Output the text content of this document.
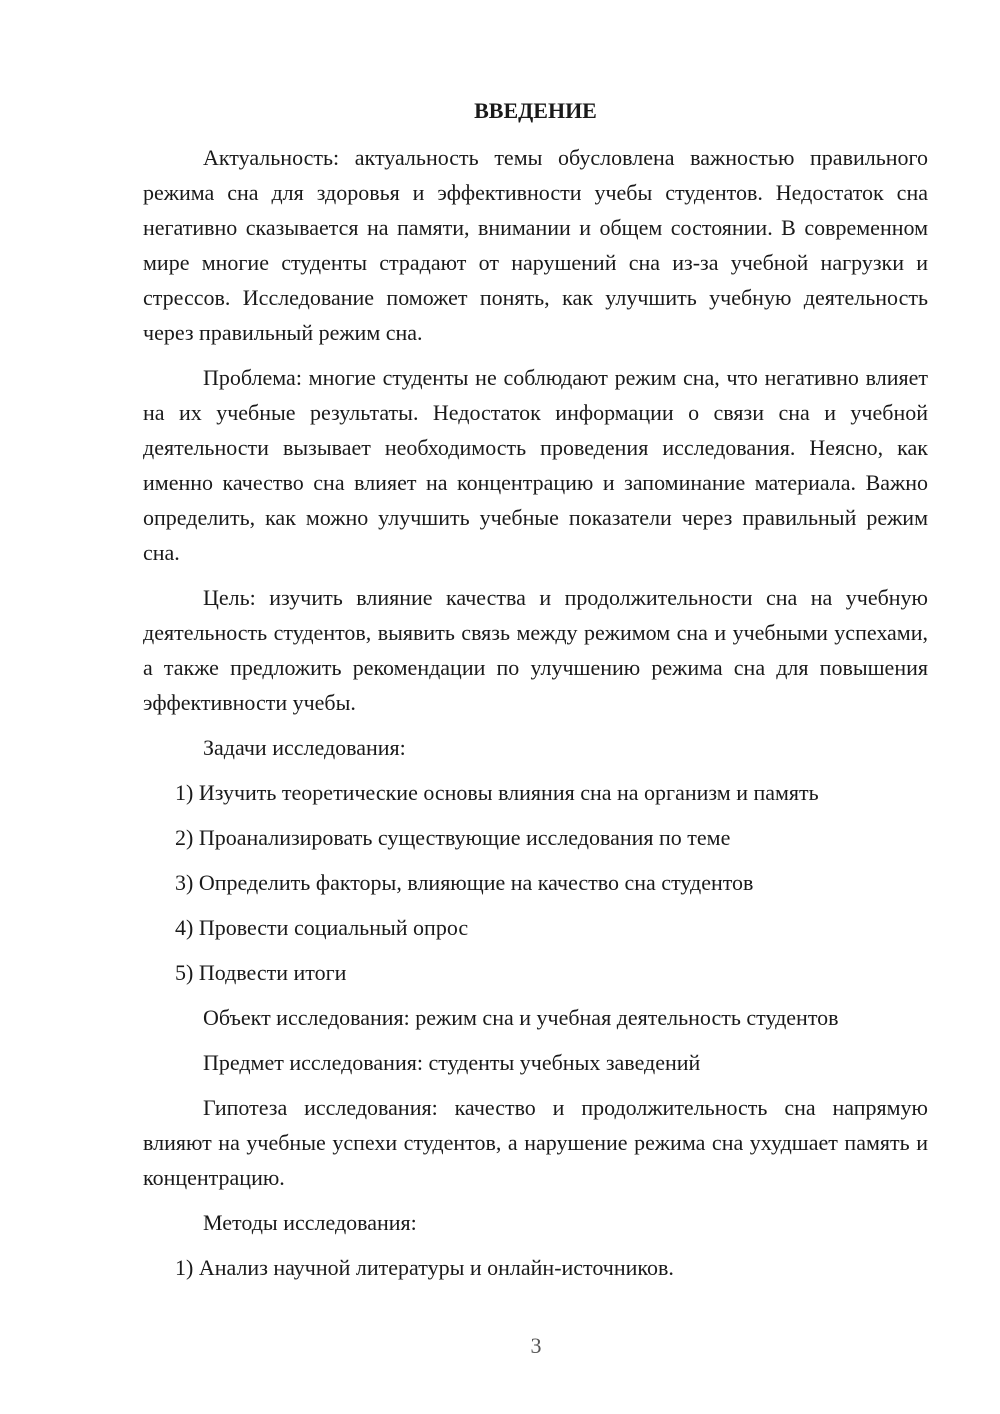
ВВЕДЕНИЕ

Актуальность: актуальность темы обусловлена важностью правильного режима сна для здоровья и эффективности учебы студентов. Недостаток сна негативно сказывается на памяти, внимании и общем состоянии. В современном мире многие студенты страдают от нарушений сна из-за учебной нагрузки и стрессов. Исследование поможет понять, как улучшить учебную деятельность через правильный режим сна.

Проблема: многие студенты не соблюдают режим сна, что негативно влияет на их учебные результаты. Недостаток информации о связи сна и учебной деятельности вызывает необходимость проведения исследования. Неясно, как именно качество сна влияет на концентрацию и запоминание материала. Важно определить, как можно улучшить учебные показатели через правильный режим сна.

Цель: изучить влияние качества и продолжительности сна на учебную деятельность студентов, выявить связь между режимом сна и учебными успехами, а также предложить рекомендации по улучшению режима сна для повышения эффективности учебы.

Задачи исследования:
1) Изучить теоретические основы влияния сна на организм и память
2) Проанализировать существующие исследования по теме
3) Определить факторы, влияющие на качество сна студентов
4) Провести социальный опрос
5) Подвести итоги
Объект исследования: режим сна и учебная деятельность студентов
Предмет исследования: студенты учебных заведений

Гипотеза исследования: качество и продолжительность сна напрямую влияют на учебные успехи студентов, а нарушение режима сна ухудшает память и концентрацию.

Методы исследования:
1) Анализ научной литературы и онлайн-источников.
3
